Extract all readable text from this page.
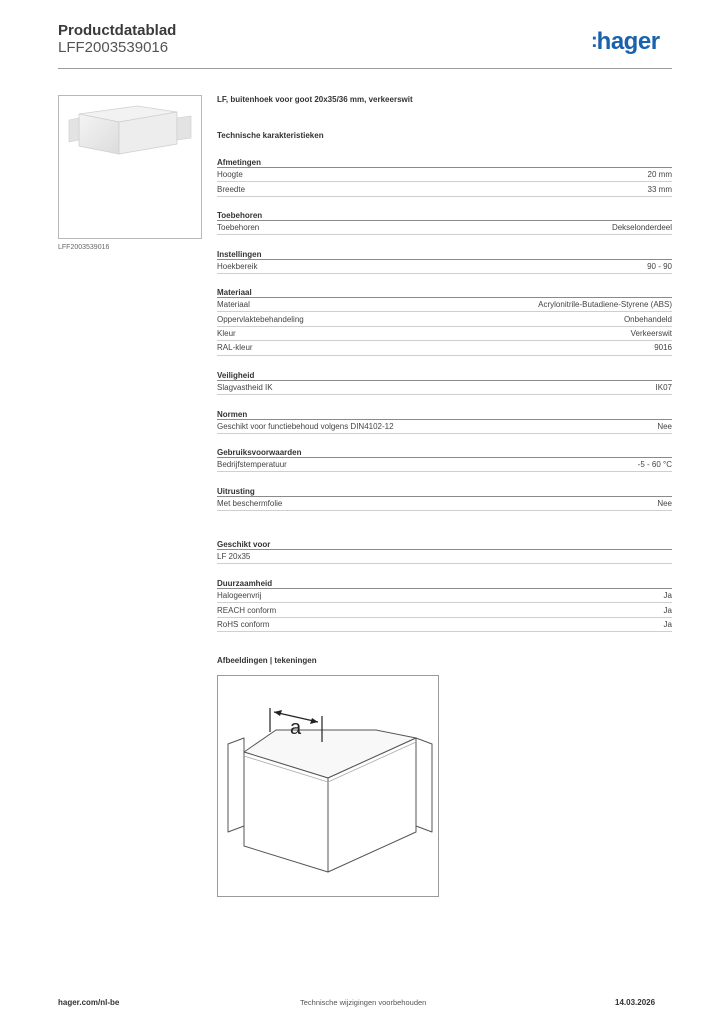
Productdatablad
LFF2003539016	:hager
LFF2003539016
LF, buitenhoek voor goot 20x35/36 mm, verkeerswit
Technische karakteristieken
Afmetingen
Hoogte	20 mm
Breedte	33 mm
Toebehoren
Toebehoren	Dekselonderdeel
Instellingen
Hoekbereik	90 - 90
Materiaal
Materiaal	Acrylonitrile-Butadiene-Styrene (ABS)
Oppervlaktebehandeling	Onbehandeld
Kleur	Verkeerswit
RAL-kleur	9016
Veiligheid
Slagvastheid IK	IK07
Normen
Geschikt voor functiebehoud volgens DIN4102-12	Nee
Gebruiksvoorwaarden
Bedrijfstemperatuur	-5 - 60 °C
Uitrusting
Met beschermfolie	Nee
Geschikt voor
LF 20x35
Duurzaamheid
Halogeenvrij	Ja
REACH conform	Ja
RoHS conform	Ja
Afbeeldingen | tekeningen
a
hager.com/nl-be	Technische wijzigingen voorbehouden	14.03.2026
